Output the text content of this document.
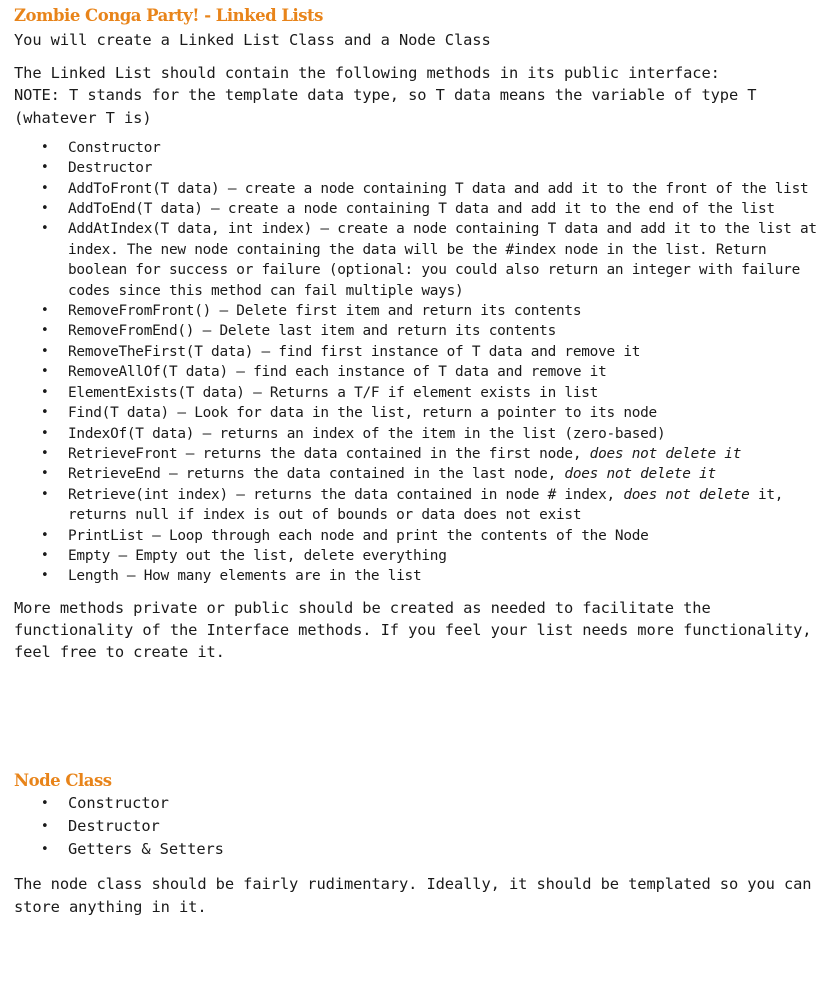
Zombie Conga Party! - Linked Lists

You will create a Linked List Class and a Node Class

The Linked List should contain the following methods in its public interface:

NOTE: T stands for the template data type, so T data means the variable of type T (whatever T is)

• Constructor
• Destructor
• AddToFront(T data) – create a node containing T data and add it to the front of the list
• AddToEnd(T data) – create a node containing T data and add it to the end of the list
• AddAtIndex(T data, int index) – create a node containing T data and add it to the list at index. The new node containing the data will be the #index node in the list. Return boolean for success or failure (optional: you could also return an integer with failure codes since this method can fail multiple ways)
• RemoveFromFront() – Delete first item and return its contents
• RemoveFromEnd() – Delete last item and return its contents
• RemoveTheFirst(T data) – find first instance of T data and remove it
• RemoveAllOf(T data) – find each instance of T data and remove it
• ElementExists(T data) – Returns a T/F if element exists in list
• Find(T data) – Look for data in the list, return a pointer to its node
• IndexOf(T data) – returns an index of the item in the list (zero-based)
• RetrieveFront – returns the data contained in the first node, does not delete it
• RetrieveEnd – returns the data contained in the last node, does not delete it
• Retrieve(int index) – returns the data contained in node # index, does not delete it, returns null if index is out of bounds or data does not exist
• PrintList – Loop through each node and print the contents of the Node
• Empty – Empty out the list, delete everything
• Length – How many elements are in the list

More methods private or public should be created as needed to facilitate the functionality of the Interface methods. If you feel your list needs more functionality, feel free to create it.

Node Class
• Constructor
• Destructor
• Getters & Setters

The node class should be fairly rudimentary. Ideally, it should be templated so you can store anything in it.
